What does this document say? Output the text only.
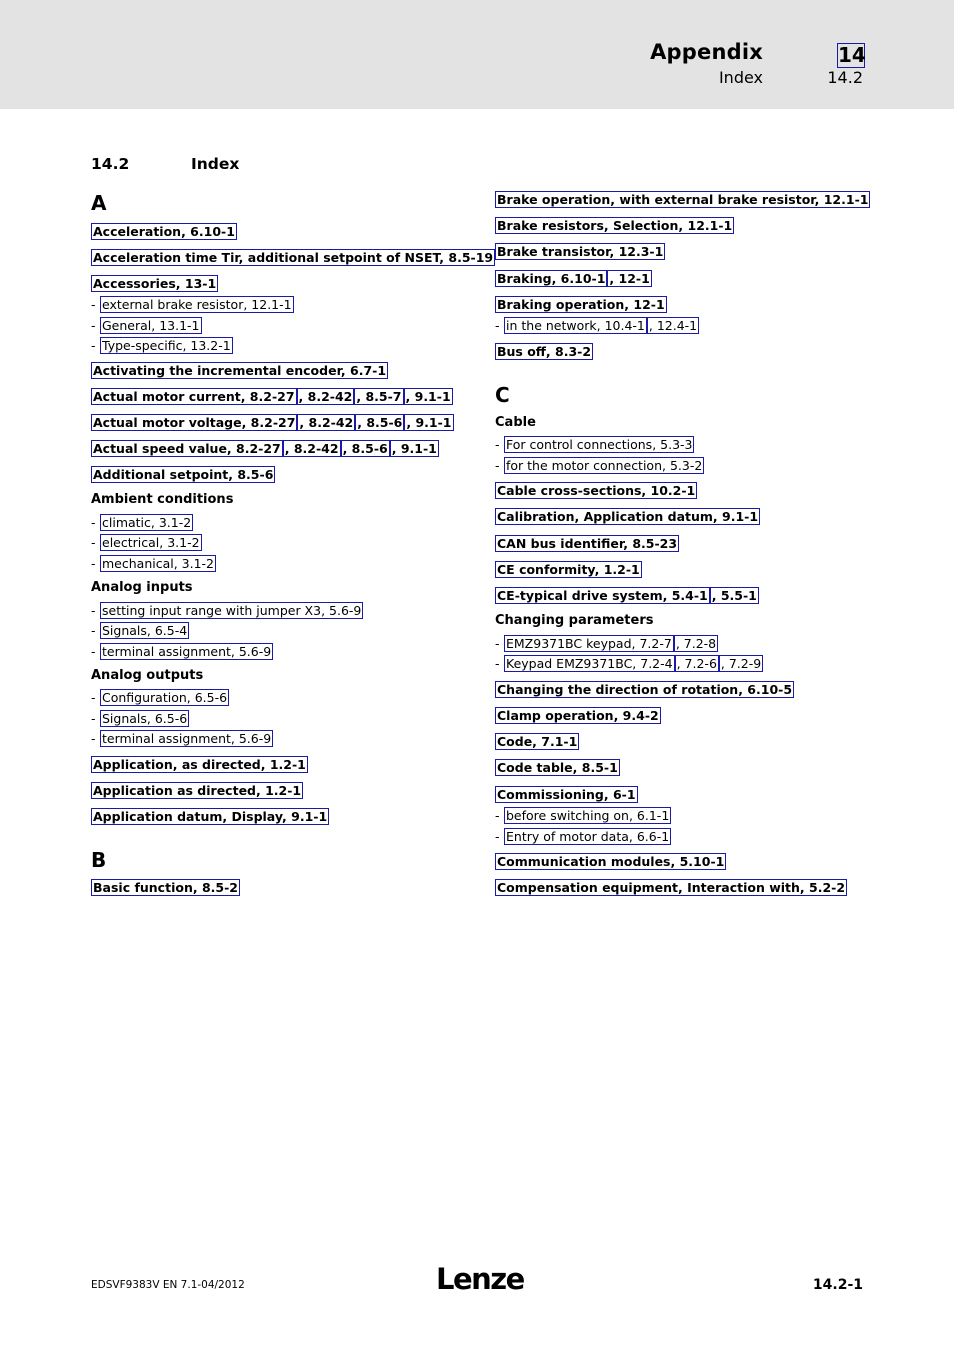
Appendix
Index
14
14.2
14.2	Index
A
Acceleration, 6.10-1
Acceleration time Tir, additional setpoint of NSET, 8.5-19
Accessories, 13-1
- external brake resistor, 12.1-1
- General, 13.1-1
- Type-specific, 13.2-1
Activating the incremental encoder, 6.7-1
Actual motor current, 8.2-27 , 8.2-42 , 8.5-7 , 9.1-1
Actual motor voltage, 8.2-27 , 8.2-42 , 8.5-6 , 9.1-1
Actual speed value, 8.2-27 , 8.2-42 , 8.5-6 , 9.1-1
Additional setpoint, 8.5-6
Ambient conditions
- climatic, 3.1-2
- electrical, 3.1-2
- mechanical, 3.1-2
Analog inputs
- setting input range with jumper X3, 5.6-9
- Signals, 6.5-4
- terminal assignment, 5.6-9
Analog outputs
- Configuration, 6.5-6
- Signals, 6.5-6
- terminal assignment, 5.6-9
Application, as directed, 1.2-1
Application as directed, 1.2-1
Application datum, Display, 9.1-1
B
Basic function, 8.5-2
Brake operation, with external brake resistor, 12.1-1
Brake resistors, Selection, 12.1-1
Brake transistor, 12.3-1
Braking, 6.10-1 , 12-1
Braking operation, 12-1
- in the network, 10.4-1 , 12.4-1
Bus off, 8.3-2
C
Cable
- For control connections, 5.3-3
- for the motor connection, 5.3-2
Cable cross-sections, 10.2-1
Calibration, Application datum, 9.1-1
CAN bus identifier, 8.5-23
CE conformity, 1.2-1
CE-typical drive system, 5.4-1 , 5.5-1
Changing parameters
- EMZ9371BC keypad, 7.2-7 , 7.2-8
- Keypad EMZ9371BC, 7.2-4 , 7.2-6 , 7.2-9
Changing the direction of rotation, 6.10-5
Clamp operation, 9.4-2
Code, 7.1-1
Code table, 8.5-1
Commissioning, 6-1
- before switching on, 6.1-1
- Entry of motor data, 6.6-1
Communication modules, 5.10-1
Compensation equipment, Interaction with, 5.2-2
EDSVF9383V EN 7.1-04/2012	Lenze	14.2-1
